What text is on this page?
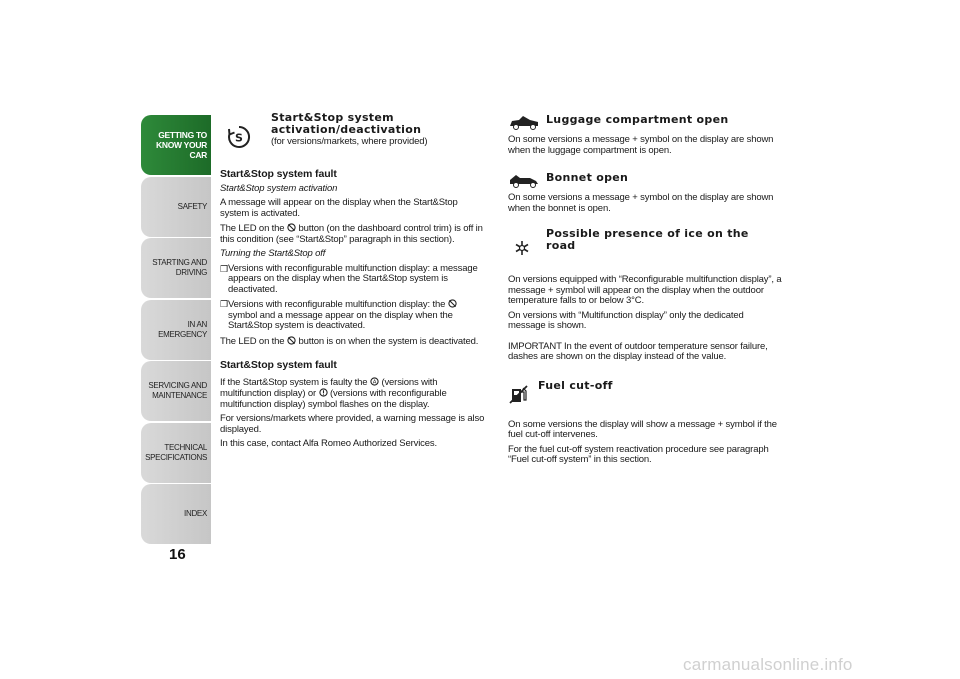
GETTING TO KNOW YOUR CAR
SAFETY
STARTING AND DRIVING
IN AN EMERGENCY
SERVICING AND MAINTENANCE
TECHNICAL SPECIFICATIONS
INDEX
16
S
Start&Stop system
activation/deactivation

(for versions/markets, where provided)

Start&Stop system fault

Start&Stop system activation

A message will appear on the display when the Start&Stop system is activated.

The LED on the button (on the dashboard control trim) is off in this condition (see “Start&Stop” paragraph in this section).

Turning the Start&Stop off

❒ Versions with reconfigurable multifunction display: a message appears on the display when the Start&Stop system is deactivated.

❒ Versions with reconfigurable multifunction display: the  symbol and a message appear on the display when the Start&Stop system is deactivated.

The LED on the button is on when the system is deactivated.

Start&Stop system fault

If the Start&Stop system is faulty the A (versions with multifunction display) or (versions with reconfigurable multifunction display) symbol flashes on the display.

For versions/markets where provided, a warning message is also displayed.

In this case, contact Alfa Romeo Authorized Services.

Luggage compartment open

On some versions a message + symbol on the display are shown when the luggage compartment is open.

Bonnet open

On some versions a message + symbol on the display are shown when the bonnet is open.

Possible presence of ice on the
road

On versions equipped with “Reconfigurable multifunction display”, a message + symbol will appear on the display when the outdoor temperature falls to or below 3°C.

On versions with “Multifunction display” only the dedicated message is shown.

IMPORTANT In the event of outdoor temperature sensor failure, dashes are shown on the display instead of the value.

Fuel cut-off

On some versions the display will show a message + symbol if the fuel cut-off intervenes.

For the fuel cut-off system reactivation procedure see paragraph “Fuel cut-off system” in this section.

carmanualsonline.info
